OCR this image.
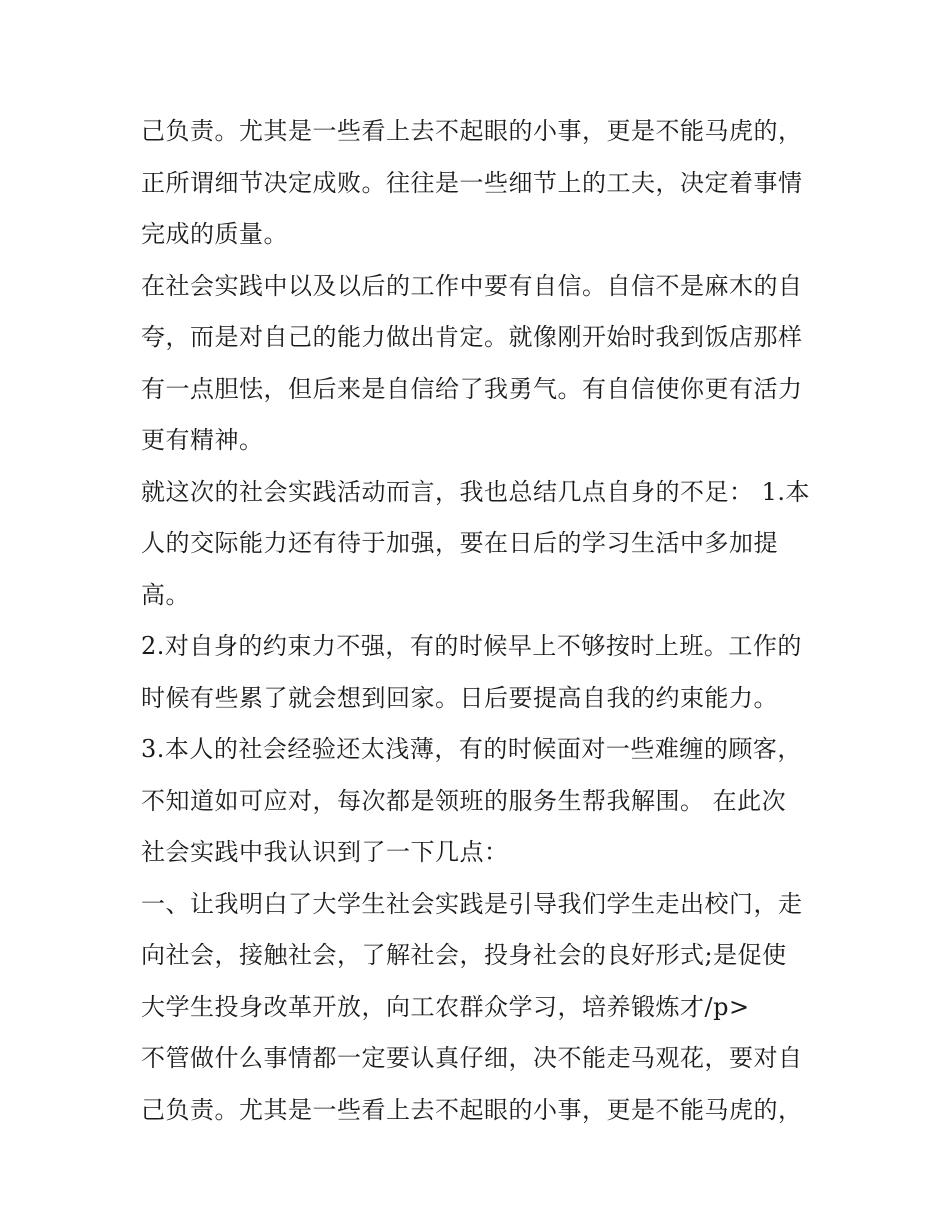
己负责。尤其是一些看上去不起眼的小事，更是不能马虎的，
正所谓细节决定成败。往往是一些细节上的工夫，决定着事情
完成的质量。
在社会实践中以及以后的工作中要有自信。自信不是麻木的自
夸，而是对自己的能力做出肯定。就像刚开始时我到饭店那样
有一点胆怯，但后来是自信给了我勇气。有自信使你更有活力
更有精神。
就这次的社会实践活动而言，我也总结几点自身的不足： 1.本
人的交际能力还有待于加强，要在日后的学习生活中多加提
高。
2.对自身的约束力不强，有的时候早上不够按时上班。工作的
时候有些累了就会想到回家。日后要提高自我的约束能力。
3.本人的社会经验还太浅薄，有的时候面对一些难缠的顾客，
不知道如可应对，每次都是领班的服务生帮我解围。 在此次
社会实践中我认识到了一下几点：
一、让我明白了大学生社会实践是引导我们学生走出校门，走
向社会，接触社会，了解社会，投身社会的良好形式;是促使
大学生投身改革开放，向工农群众学习，培养锻炼才/p>
不管做什么事情都一定要认真仔细，决不能走马观花，要对自
己负责。尤其是一些看上去不起眼的小事，更是不能马虎的，
